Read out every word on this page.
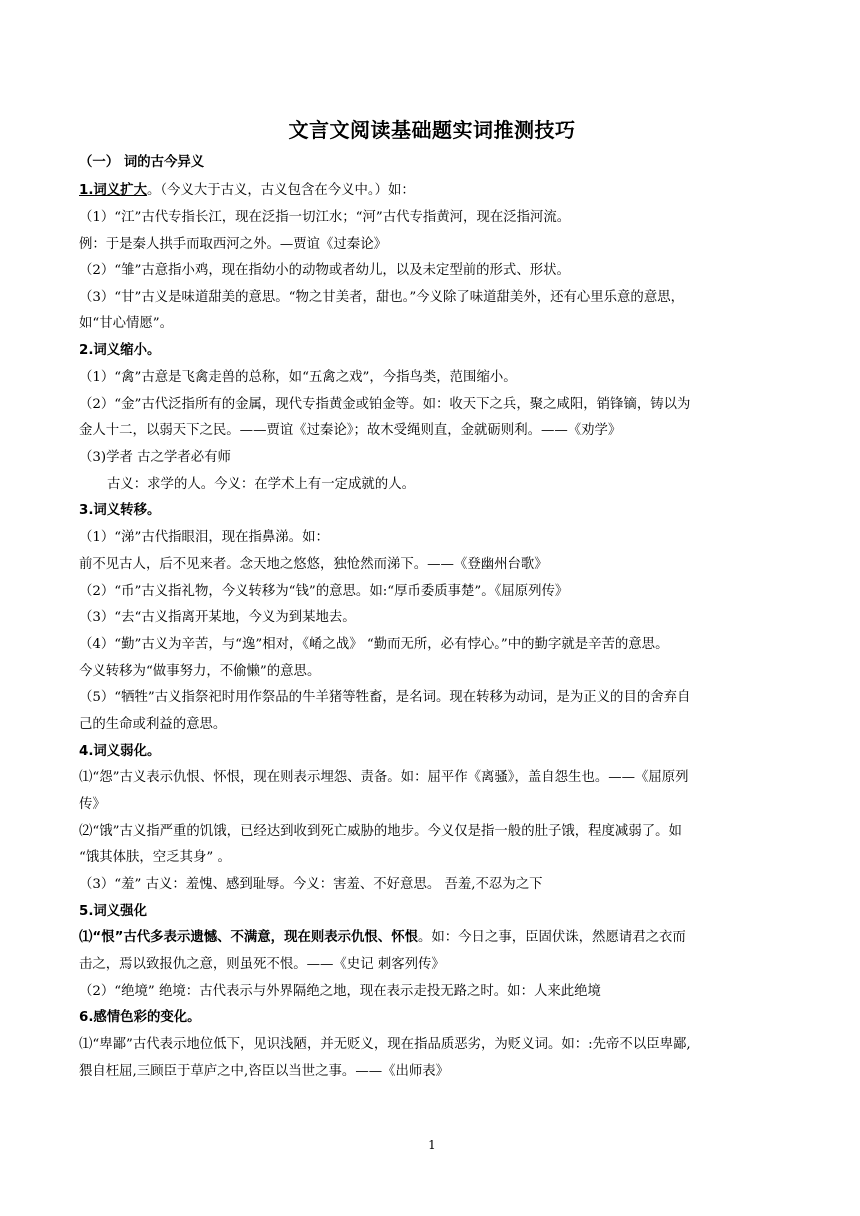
文言文阅读基础题实词推测技巧
（一） 词的古今异义
1.词义扩大。（今义大于古义，古义包含在今义中。）如：
（1）“江”古代专指长江，现在泛指一切江水；“河”古代专指黄河，现在泛指河流。
例：于是秦人拱手而取西河之外。—贾谊《过秦论》
（2）“雏”古意指小鸡，现在指幼小的动物或者幼儿，以及未定型前的形式、形状。
（3）“甘”古义是味道甜美的意思。“物之甘美者，甜也。”今义除了味道甜美外，还有心里乐意的意思，
如“甘心情愿”。
2.词义缩小。
（1）“禽”古意是飞禽走兽的总称，如“五禽之戏”，今指鸟类，范围缩小。
（2）“金”古代泛指所有的金属，现代专指黄金或铂金等。如：收天下之兵，聚之咸阳，销锋镝，铸以为
金人十二，以弱天下之民。——贾谊《过秦论》；故木受绳则直，金就砺则利。——《劝学》
（3)学者 古之学者必有师
古义：求学的人。今义：在学术上有一定成就的人。
3.词义转移。
（1）“涕”古代指眼泪，现在指鼻涕。如：
前不见古人，后不见来者。念天地之悠悠，独怆然而涕下。——《登幽州台歌》
（2）“币”古义指礼物，今义转移为“钱”的意思。如:“厚币委质事楚”。《屈原列传》
（3）“去“古义指离开某地，今义为到某地去。
（4）“勤”古义为辛苦，与“逸”相对，《崤之战》 “勤而无所，必有悖心。”中的勤字就是辛苦的意思。
今义转移为“做事努力，不偷懒”的意思。
（5）“牺牲”古义指祭祀时用作祭品的牛羊猪等牲畜，是名词。现在转移为动词，是为正义的目的舍弃自
己的生命或利益的意思。
4.词义弱化。
⑴“怨”古义表示仇恨、怀恨，现在则表示埋怨、责备。如：屈平作《离骚》，盖自怨生也。——《屈原列
传》
⑵“饿”古义指严重的饥饿，已经达到收到死亡威胁的地步。今义仅是指一般的肚子饿，程度减弱了。如
“饿其体肤，空乏其身” 。
（3）“羞” 古义：羞愧、感到耻辱。今义：害羞、不好意思。 吾羞,不忍为之下
5.词义强化
⑴“恨”古代多表示遗憾、不满意，现在则表示仇恨、怀恨。如：今日之事，臣固伏诛，然愿请君之衣而
击之，焉以致报仇之意，则虽死不恨。——《史记 刺客列传》
（2）“绝境” 绝境：古代表示与外界隔绝之地，现在表示走投无路之时。如：人来此绝境
6.感情色彩的变化。
⑴“卑鄙”古代表示地位低下，见识浅陋，并无贬义，现在指品质恶劣，为贬义词。如：:先帝不以臣卑鄙,
猥自枉屈,三顾臣于草庐之中,咨臣以当世之事。——《出师表》
1
